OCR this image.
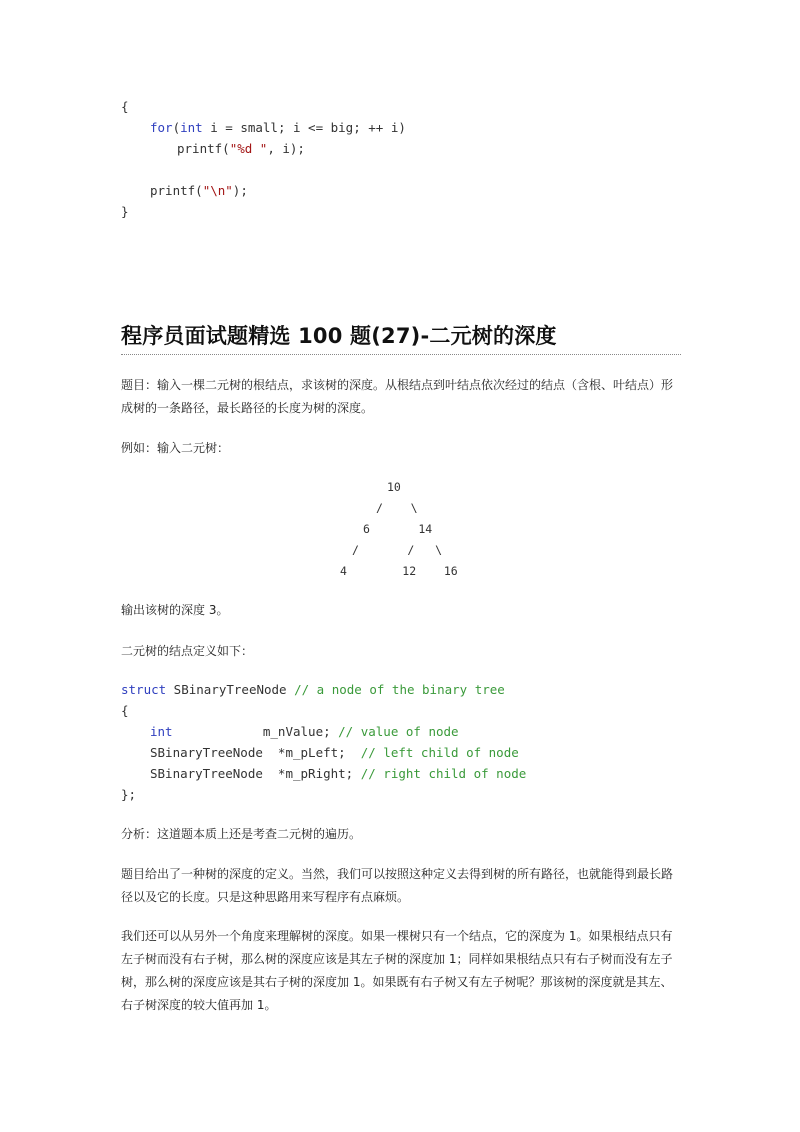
{
for(int i = small; i <= big; ++ i)
printf("%d ", i);
printf("\n");
}
程序员面试题精选 100 题(27)-二元树的深度
题目：输入一棵二元树的根结点，求该树的深度。从根结点到叶结点依次经过的结点（含根、叶结点）形成树的一条路径，最长路径的长度为树的深度。
例如：输入二元树：
10
/    \
6       14
/       /   \
4        12    16
输出该树的深度 3。
二元树的结点定义如下：
struct SBinaryTreeNode // a node of the binary tree
{
int            m_nValue; // value of node
SBinaryTreeNode  *m_pLeft;  // left child of node
SBinaryTreeNode  *m_pRight; // right child of node
};
分析：这道题本质上还是考查二元树的遍历。
题目给出了一种树的深度的定义。当然，我们可以按照这种定义去得到树的所有路径，也就能得到最长路径以及它的长度。只是这种思路用来写程序有点麻烦。
我们还可以从另外一个角度来理解树的深度。如果一棵树只有一个结点，它的深度为 1。如果根结点只有左子树而没有右子树，那么树的深度应该是其左子树的深度加 1；同样如果根结点只有右子树而没有左子树，那么树的深度应该是其右子树的深度加 1。如果既有右子树又有左子树呢？那该树的深度就是其左、右子树深度的较大值再加 1。
